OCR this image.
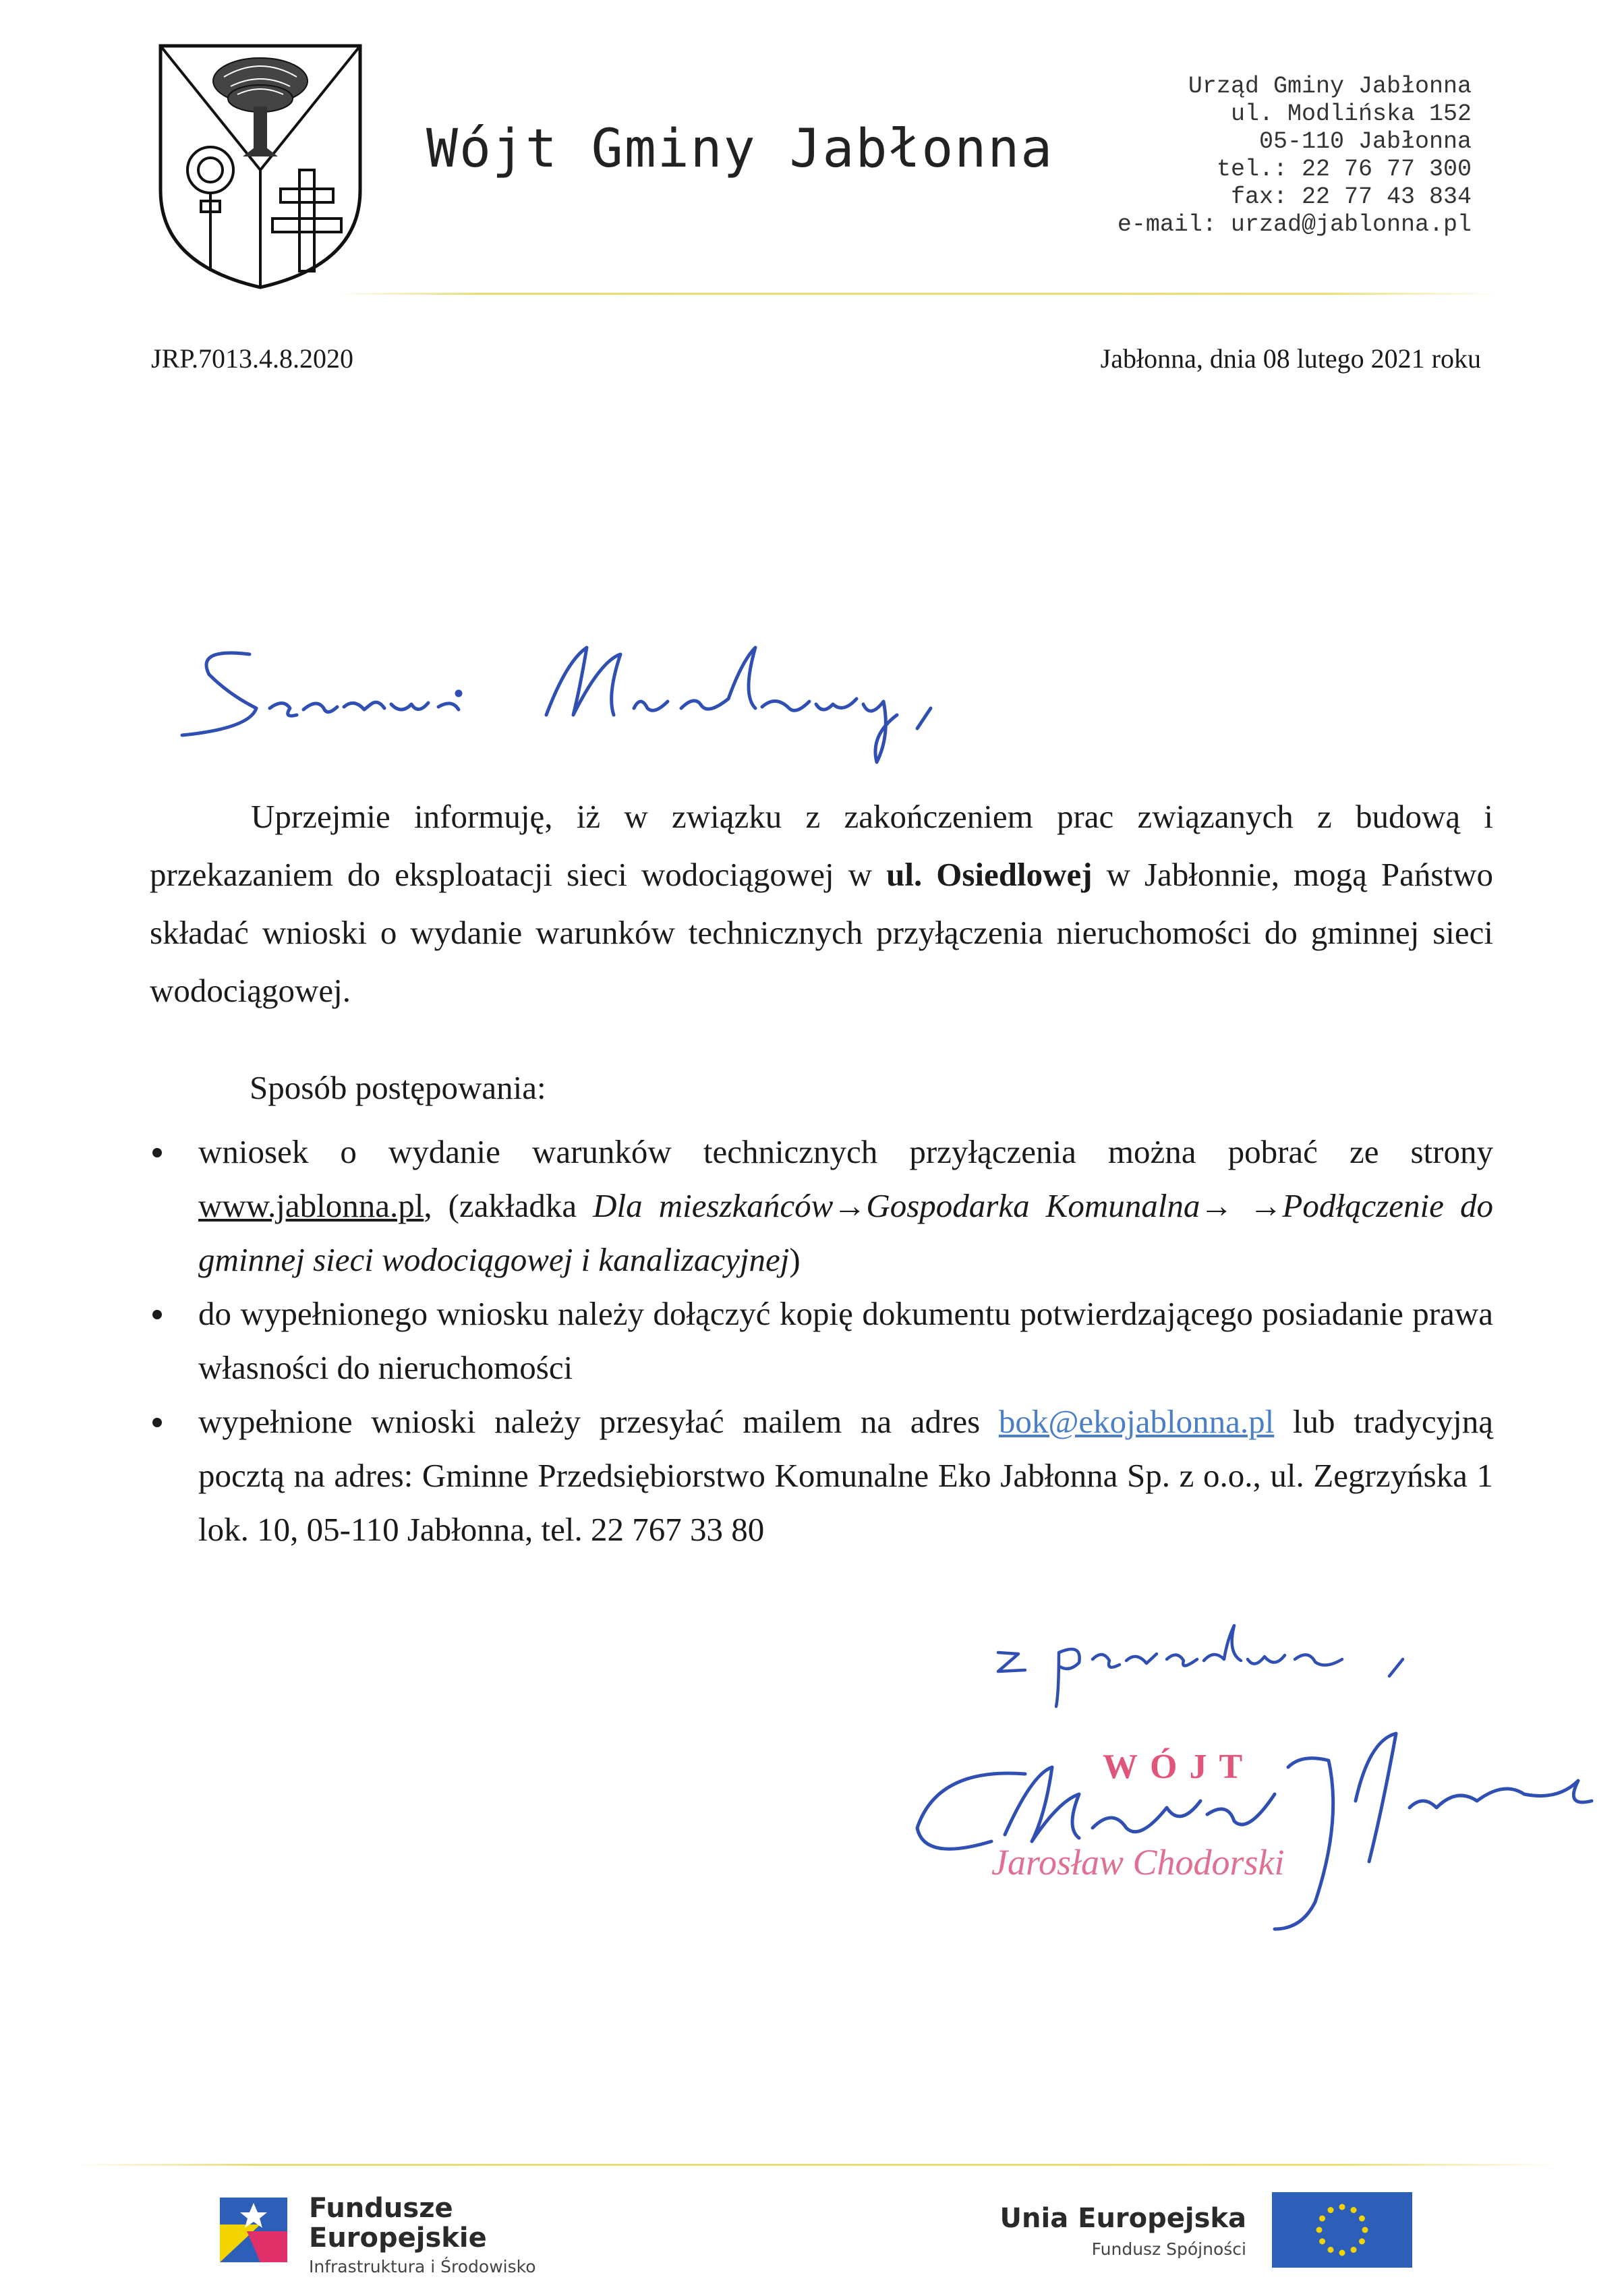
Wójt Gminy Jabłonna
Urząd Gminy Jabłonna
ul. Modlińska 152
05-110 Jabłonna
tel.: 22 76 77 300
fax: 22 77 43 834
e-mail: urzad@jablonna.pl
JRP.7013.4.8.2020	Jabłonna, dnia 08 lutego 2021 roku
Uprzejmie informuję, iż w związku z zakończeniem prac związanych z budową i przekazaniem do eksploatacji sieci wodociągowej w ul. Osiedlowej w Jabłonnie, mogą Państwo składać wnioski o wydanie warunków technicznych przyłączenia nieruchomości do gminnej sieci wodociągowej.
Sposób postępowania:
wniosek o wydanie warunków technicznych przyłączenia można pobrać ze strony www.jablonna.pl, (zakładka Dla mieszkańców→Gospodarka Komunalna→ →Podłączenie do gminnej sieci wodociągowej i kanalizacyjnej)
do wypełnionego wniosku należy dołączyć kopię dokumentu potwierdzającego posiadanie prawa własności do nieruchomości
wypełnione wnioski należy przesyłać mailem na adres bok@ekojablonna.pl lub tradycyjną pocztą na adres: Gminne Przedsiębiorstwo Komunalne Eko Jabłonna Sp. z o.o., ul. Zegrzyńska 1 lok. 10, 05-110 Jabłonna, tel. 22 767 33 80
WÓJT
Jarosław Chodorski
Fundusze
Europejskie
Infrastruktura i Środowisko
Unia Europejska
Fundusz Spójności
